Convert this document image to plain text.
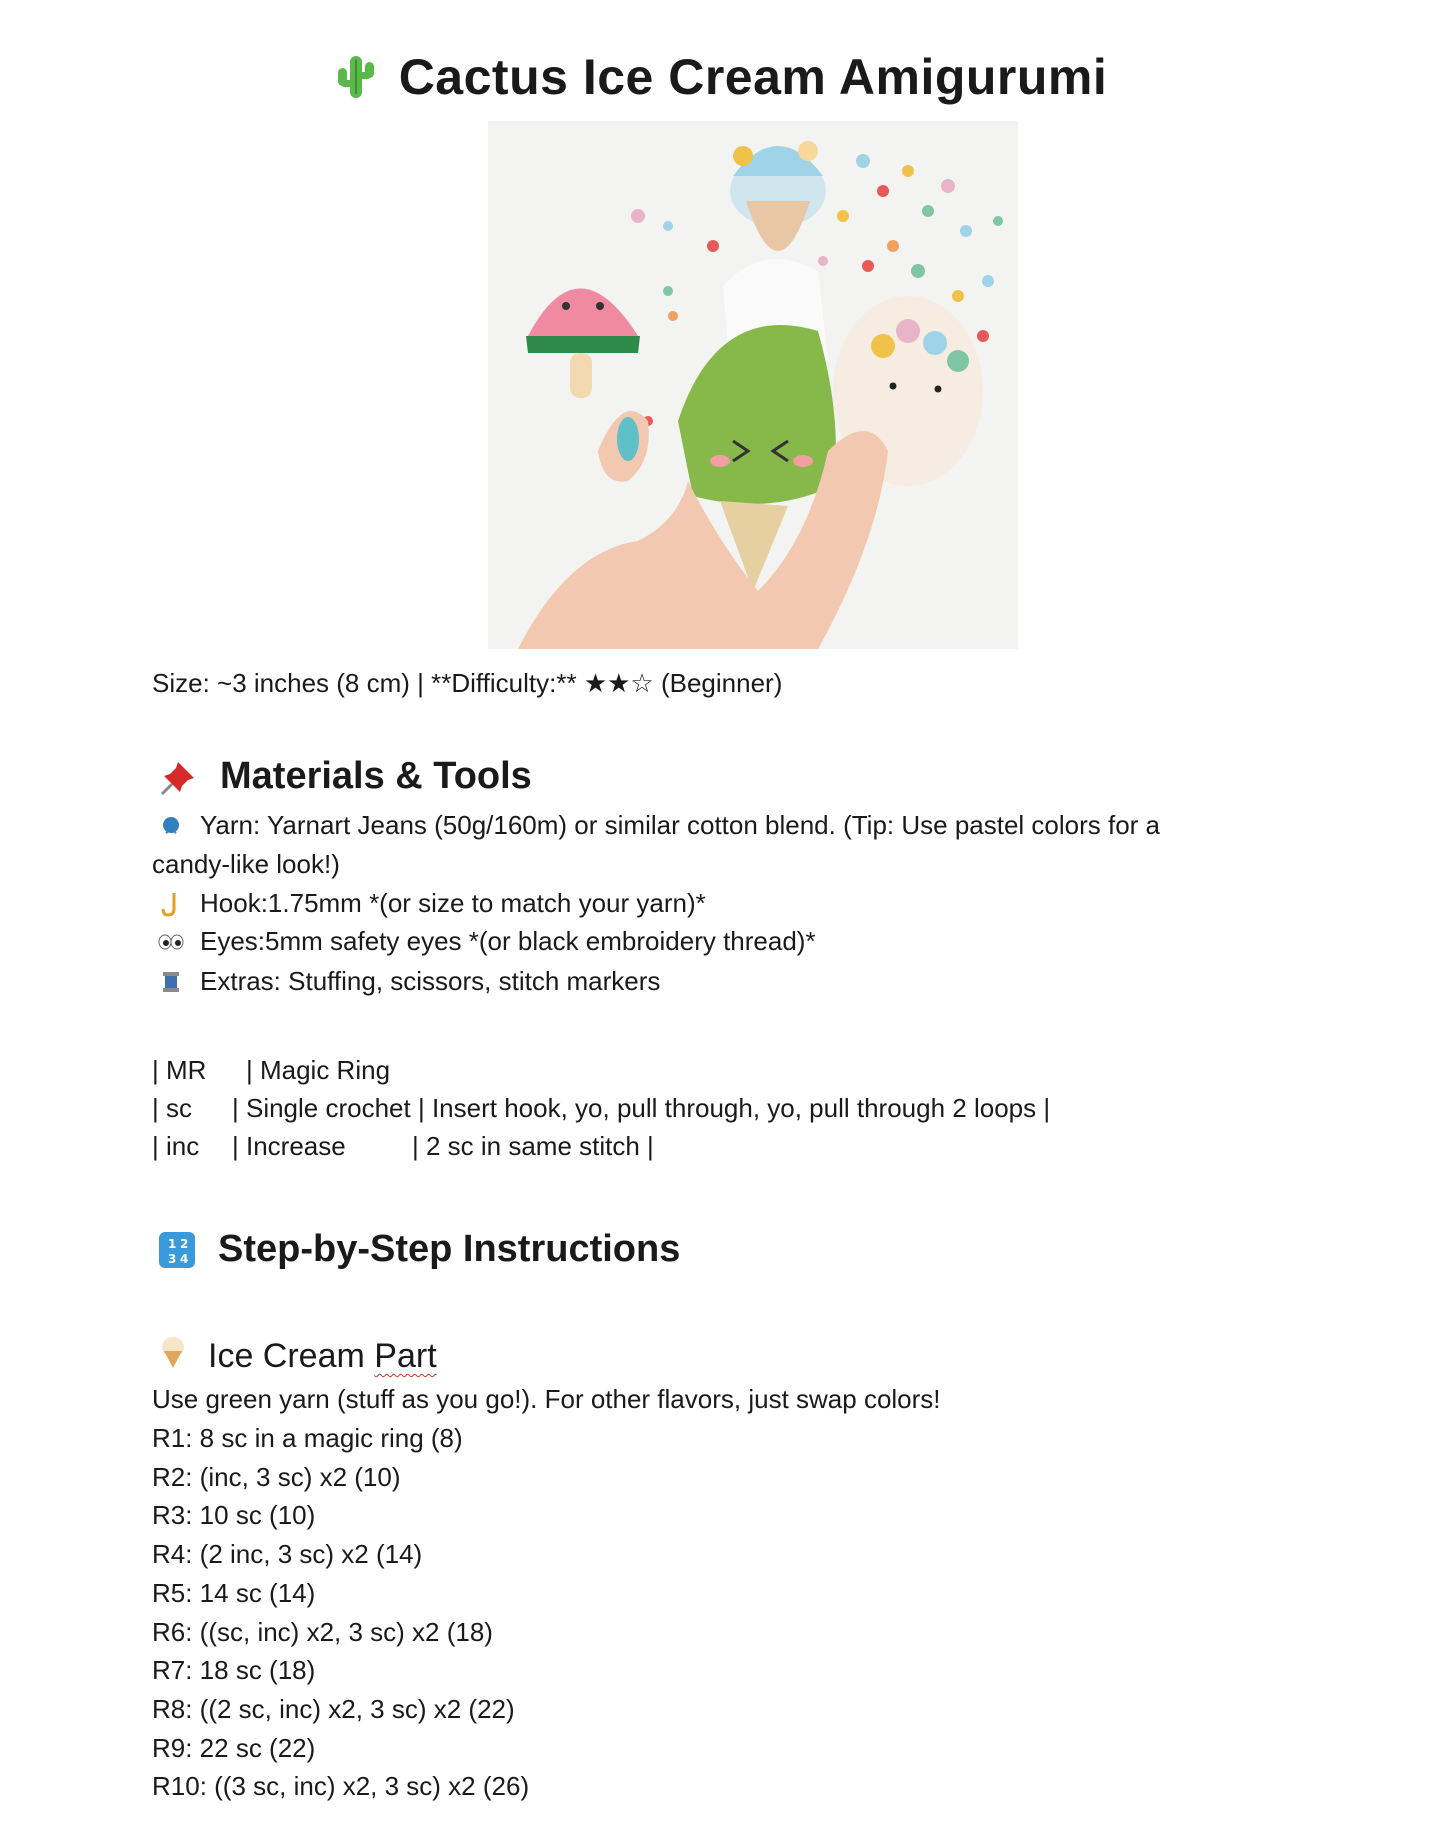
Cactus Ice Cream Amigurumi
Size: ~3 inches (8 cm) | **Difficulty:** ★★☆ (Beginner)
Materials & Tools
Yarn: Yarnart Jeans (50g/160m) or similar cotton blend. (Tip: Use pastel colors for a
candy-like look!)
Hook:1.75mm *(or size to match your yarn)*
Eyes:5mm safety eyes *(or black embroidery thread)*
Extras: Stuffing, scissors, stitch markers
| MR | Magic Ring
| sc | Single crochet | Insert hook, yo, pull through, yo, pull through 2 loops |
| inc | Increase	| 2 sc in same stitch |
1 2
3 4 Step-by-Step Instructions
Ice Cream
Part
Use green yarn (stuff as you go!). For other flavors, just swap colors!
R1: 8 sc in a magic ring (8)
R2: (inc, 3 sc) x2 (10)
R3: 10 sc (10)
R4: (2 inc, 3 sc) x2 (14)
R5: 14 sc (14)
R6: ((sc, inc) x2, 3 sc) x2 (18)
R7: 18 sc (18)
R8: ((2 sc, inc) x2, 3 sc) x2 (22)
R9: 22 sc (22)
R10: ((3 sc, inc) x2, 3 sc) x2 (26)
